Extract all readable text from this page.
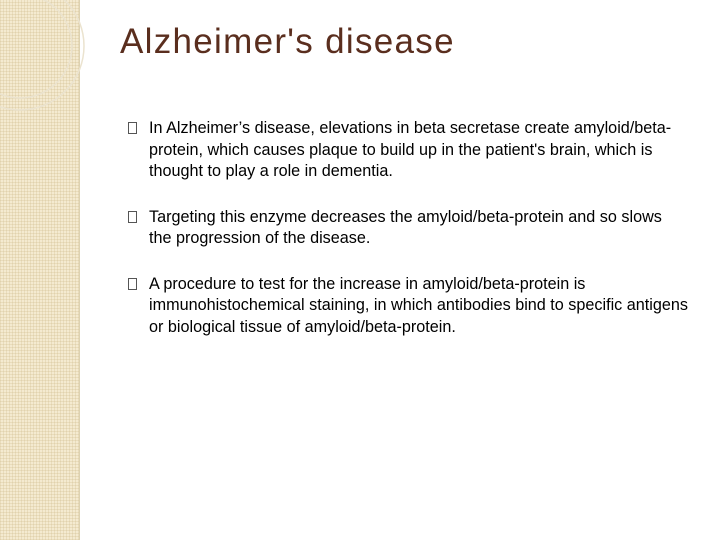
Alzheimer's disease
In Alzheimer’s disease, elevations in beta secretase create amyloid/beta-protein, which causes plaque to build up in the patient's brain, which is thought to play a role in dementia.
Targeting this enzyme decreases the amyloid/beta-protein and so slows the progression of the disease.
A procedure to test for the increase in amyloid/beta-protein is immunohistochemical staining, in which antibodies bind to specific antigens or biological tissue of amyloid/beta-protein.
